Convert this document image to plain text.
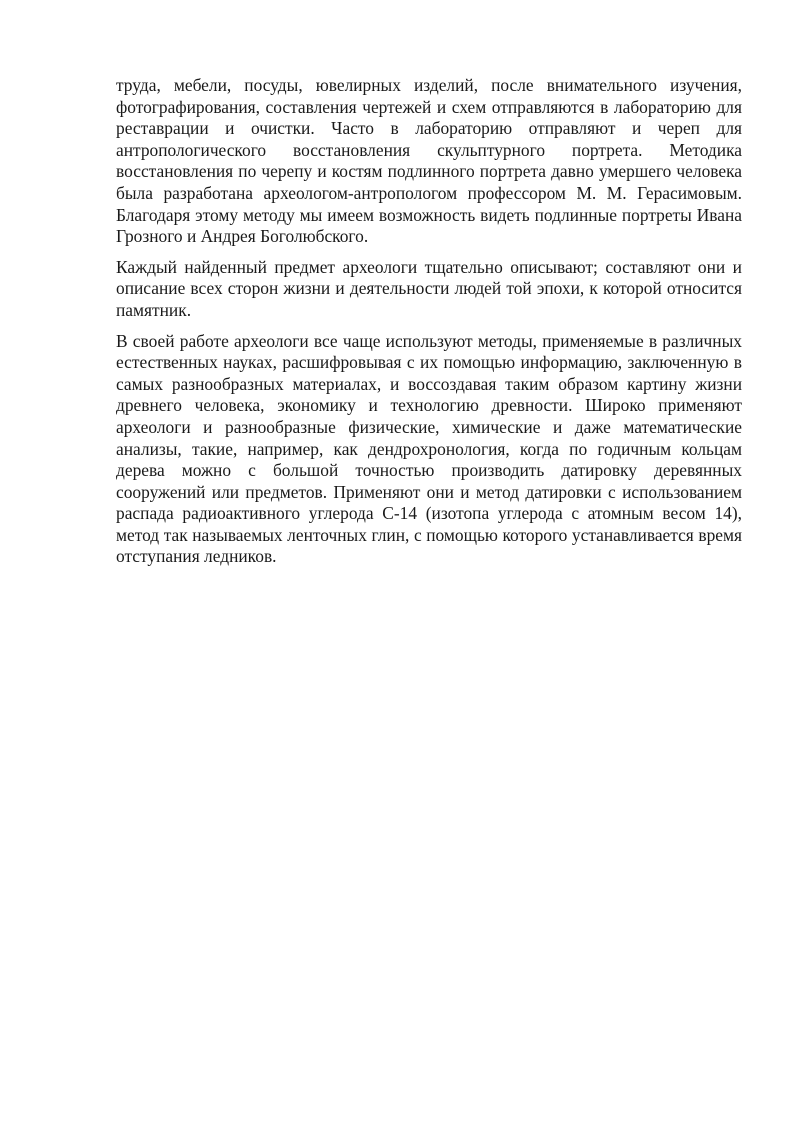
труда, мебели, посуды, ювелирных изделий, после внимательного изучения, фотографирования, составления чертежей и схем отправляются в лабораторию для реставрации и очистки. Часто в лабораторию отправляют и череп для антропологического восстановления скульптурного портрета. Методика восстановления по черепу и костям подлинного портрета давно умершего человека была разработана археологом-антропологом профессором М. М. Герасимовым. Благодаря этому методу мы имеем возможность видеть подлинные портреты Ивана Грозного и Андрея Боголюбского.

Каждый найденный предмет археологи тщательно описывают; составляют они и описание всех сторон жизни и деятельности людей той эпохи, к которой относится памятник.

В своей работе археологи все чаще используют методы, применяемые в различных естественных науках, расшифровывая с их помощью информацию, заключенную в самых разнообразных материалах, и воссоздавая таким образом картину жизни древнего человека, экономику и технологию древности. Широко применяют археологи и разнообразные физические, химические и даже математические анализы, такие, например, как дендрохронология, когда по годичным кольцам дерева можно с большой точностью производить датировку деревянных сооружений или предметов. Применяют они и метод датировки с использованием распада радиоактивного углерода С-14 (изотопа углерода с атомным весом 14), метод так называемых ленточных глин, с помощью которого устанавливается время отступания ледников.
